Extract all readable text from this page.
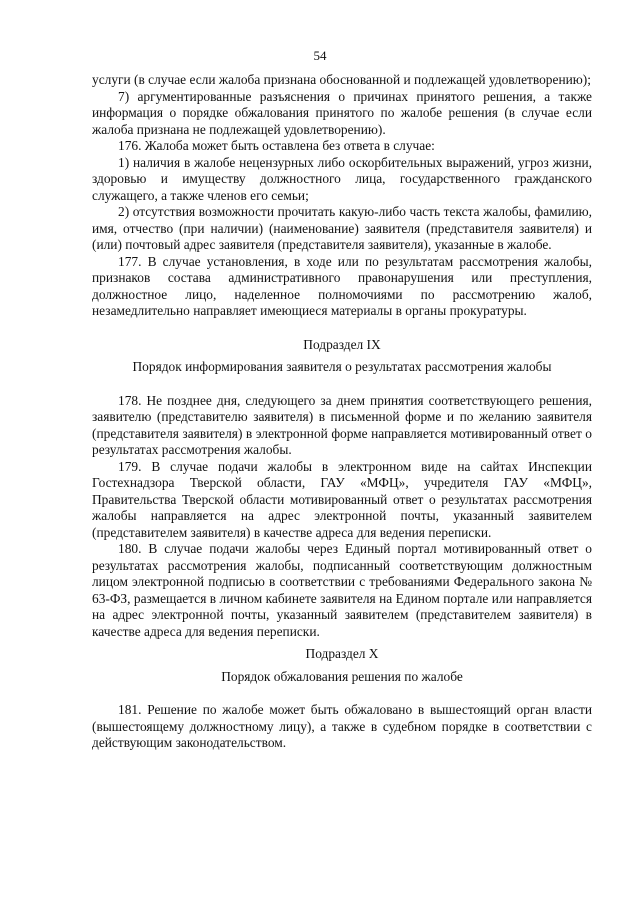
54

услуги (в случае если жалоба признана обоснованной и подлежащей удовлетворению);

7) аргументированные разъяснения о причинах принятого решения, а также информация о порядке обжалования принятого по жалобе решения (в случае если жалоба признана не подлежащей удовлетворению).

176. Жалоба может быть оставлена без ответа в случае:

1) наличия в жалобе нецензурных либо оскорбительных выражений, угроз жизни, здоровью и имуществу должностного лица, государственного гражданского служащего, а также членов его семьи;

2) отсутствия возможности прочитать какую-либо часть текста жалобы, фамилию, имя, отчество (при наличии) (наименование) заявителя (представителя заявителя) и (или) почтовый адрес заявителя (представителя заявителя), указанные в жалобе.

177. В случае установления, в ходе или по результатам рассмотрения жалобы, признаков состава административного правонарушения или преступления, должностное лицо, наделенное полномочиями по рассмотрению жалоб, незамедлительно направляет имеющиеся материалы в органы прокуратуры.

Подраздел IX

Порядок информирования заявителя о результатах рассмотрения жалобы

178. Не позднее дня, следующего за днем принятия соответствующего решения, заявителю (представителю заявителя) в письменной форме и по желанию заявителя (представителя заявителя) в электронной форме направляется мотивированный ответ о результатах рассмотрения жалобы.

179. В случае подачи жалобы в электронном виде на сайтах Инспекции Гостехнадзора Тверской области, ГАУ «МФЦ», учредителя ГАУ «МФЦ», Правительства Тверской области мотивированный ответ о результатах рассмотрения жалобы направляется на адрес электронной почты, указанный заявителем (представителем заявителя) в качестве адреса для ведения переписки.

180. В случае подачи жалобы через Единый портал мотивированный ответ о результатах рассмотрения жалобы, подписанный соответствующим должностным лицом электронной подписью в соответствии с требованиями Федерального закона № 63-ФЗ, размещается в личном кабинете заявителя на Едином портале или направляется на адрес электронной почты, указанный заявителем (представителем заявителя) в качестве адреса для ведения переписки.

Подраздел X

Порядок обжалования решения по жалобе

181. Решение по жалобе может быть обжаловано в вышестоящий орган власти (вышестоящему должностному лицу), а также в судебном порядке в соответствии с действующим законодательством.
